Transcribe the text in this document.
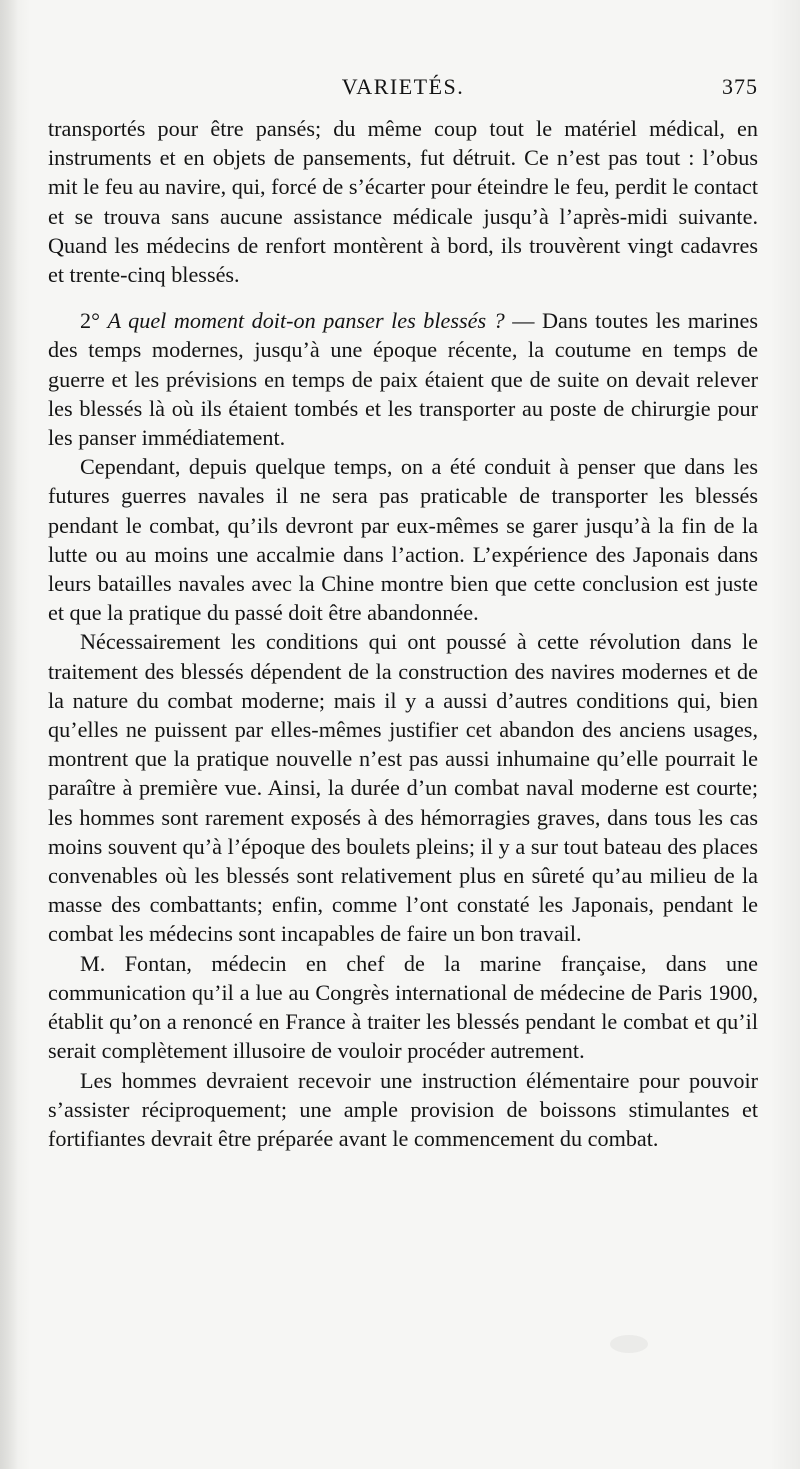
VARIETÉS.	375

transportés pour être pansés; du même coup tout le matériel médical, en instruments et en objets de pansements, fut détruit. Ce n’est pas tout : l’obus mit le feu au navire, qui, forcé de s’écarter pour éteindre le feu, perdit le contact et se trouva sans aucune assistance médicale jusqu’à l’après-midi suivante. Quand les médecins de renfort montèrent à bord, ils trouvèrent vingt cadavres et trente-cinq blessés.

2° A quel moment doit-on panser les blessés ? — Dans toutes les marines des temps modernes, jusqu’à une époque récente, la coutume en temps de guerre et les prévisions en temps de paix étaient que de suite on devait relever les blessés là où ils étaient tombés et les transporter au poste de chirurgie pour les panser immédiatement.

Cependant, depuis quelque temps, on a été conduit à penser que dans les futures guerres navales il ne sera pas praticable de transporter les blessés pendant le combat, qu’ils devront par eux-mêmes se garer jusqu’à la fin de la lutte ou au moins une accalmie dans l’action. L’expérience des Japonais dans leurs batailles navales avec la Chine montre bien que cette conclusion est juste et que la pratique du passé doit être abandonnée.

Nécessairement les conditions qui ont poussé à cette révolution dans le traitement des blessés dépendent de la construction des navires modernes et de la nature du combat moderne; mais il y a aussi d’autres conditions qui, bien qu’elles ne puissent par elles-mêmes justifier cet abandon des anciens usages, montrent que la pratique nouvelle n’est pas aussi inhumaine qu’elle pourrait le paraître à première vue. Ainsi, la durée d’un combat naval moderne est courte; les hommes sont rarement exposés à des hémorragies graves, dans tous les cas moins souvent qu’à l’époque des boulets pleins; il y a sur tout bateau des places convenables où les blessés sont relativement plus en sûreté qu’au milieu de la masse des combattants; enfin, comme l’ont constaté les Japonais, pendant le combat les médecins sont incapables de faire un bon travail.

M. Fontan, médecin en chef de la marine française, dans une communication qu’il a lue au Congrès international de médecine de Paris 1900, établit qu’on a renoncé en France à traiter les blessés pendant le combat et qu’il serait complètement illusoire de vouloir procéder autrement.

Les hommes devraient recevoir une instruction élémentaire pour pouvoir s’assister réciproquement; une ample provision de boissons stimulantes et fortifiantes devrait être préparée avant le commencement du combat.
